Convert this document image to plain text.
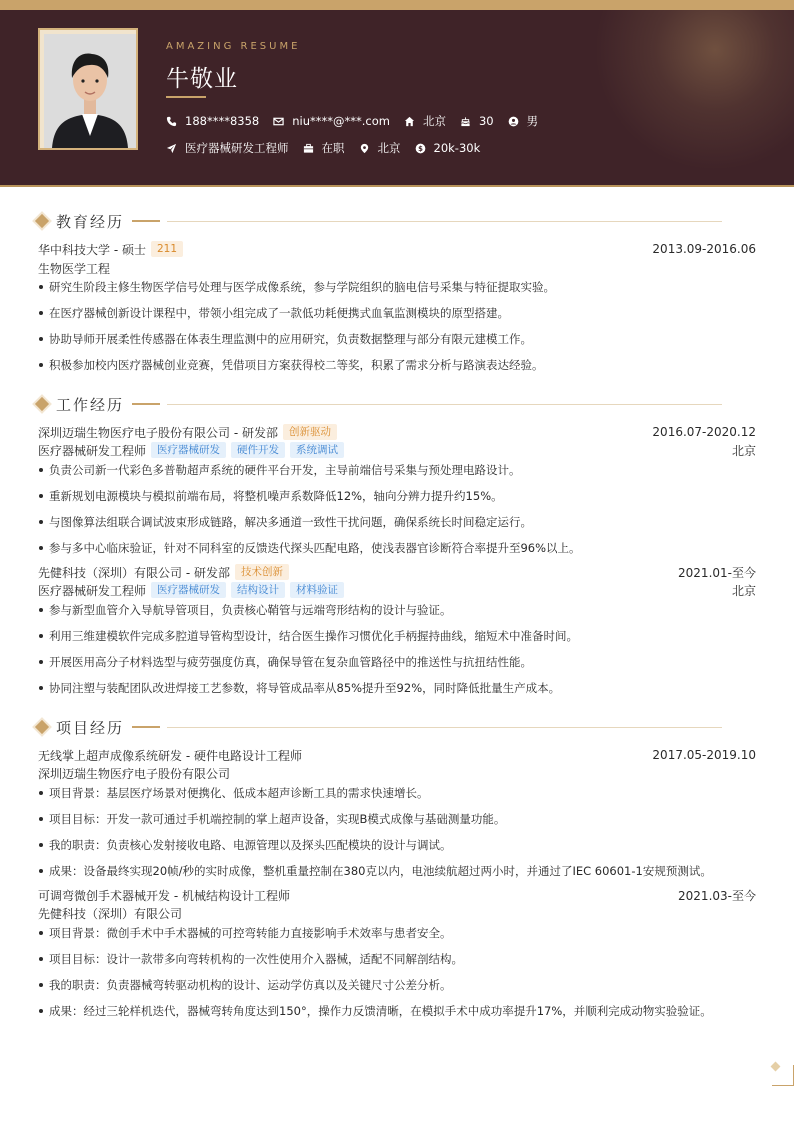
AMAZING RESUME
牛敬业
188****8358	niu****@***.com	北京	30	男
医疗器械研发工程师	在职	北京 $ 20k-30k
教育经历
华中科技大学 - 硕士	211	2013.09-2016.06
生物医学工程
研究生阶段主修生物医学信号处理与医学成像系统，参与学院组织的脑电信号采集与特征提取实验。
在医疗器械创新设计课程中，带领小组完成了一款低功耗便携式血氧监测模块的原型搭建。
协助导师开展柔性传感器在体表生理监测中的应用研究，负责数据整理与部分有限元建模工作。
积极参加校内医疗器械创业竞赛，凭借项目方案获得校二等奖，积累了需求分析与路演表达经验。
工作经历
深圳迈瑞生物医疗电子股份有限公司 - 研发部	创新驱动	2016.07-2020.12
医疗器械研发工程师	医疗器械研发	硬件开发	系统调试	北京
负责公司新一代彩色多普勒超声系统的硬件平台开发，主导前端信号采集与预处理电路设计。
重新规划电源模块与模拟前端布局，将整机噪声系数降低12%，轴向分辨力提升约15%。
与图像算法组联合调试波束形成链路，解决多通道一致性干扰问题，确保系统长时间稳定运行。
参与多中心临床验证，针对不同科室的反馈迭代探头匹配电路，使浅表器官诊断符合率提升至96%以上。
先健科技（深圳）有限公司 - 研发部	技术创新	2021.01-至今
医疗器械研发工程师	医疗器械研发	结构设计	材料验证	北京
参与新型血管介入导航导管项目，负责核心鞘管与远端弯形结构的设计与验证。
利用三维建模软件完成多腔道导管构型设计，结合医生操作习惯优化手柄握持曲线，缩短术中准备时间。
开展医用高分子材料选型与疲劳强度仿真，确保导管在复杂血管路径中的推送性与抗扭结性能。
协同注塑与装配团队改进焊接工艺参数，将导管成品率从85%提升至92%，同时降低批量生产成本。
项目经历
无线掌上超声成像系统研发 - 硬件电路设计工程师	2017.05-2019.10
深圳迈瑞生物医疗电子股份有限公司
项目背景：基层医疗场景对便携化、低成本超声诊断工具的需求快速增长。
项目目标：开发一款可通过手机端控制的掌上超声设备，实现B模式成像与基础测量功能。
我的职责：负责核心发射接收电路、电源管理以及探头匹配模块的设计与调试。
成果：设备最终实现20帧/秒的实时成像，整机重量控制在380克以内，电池续航超过两小时，并通过了IEC 60601-1安规预测试。
可调弯微创手术器械开发 - 机械结构设计工程师	2021.03-至今
先健科技（深圳）有限公司
项目背景：微创手术中手术器械的可控弯转能力直接影响手术效率与患者安全。
项目目标：设计一款带多向弯转机构的一次性使用介入器械，适配不同解剖结构。
我的职责：负责器械弯转驱动机构的设计、运动学仿真以及关键尺寸公差分析。
成果：经过三轮样机迭代，器械弯转角度达到150°，操作力反馈清晰，在模拟手术中成功率提升17%，并顺利完成动物实验验证。
